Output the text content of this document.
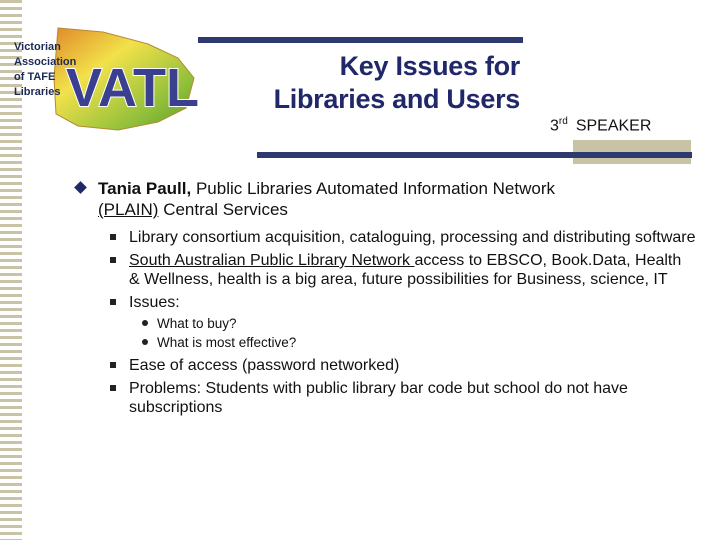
VATL
Victorian
Association
of TAFE
Libraries
Key Issues for
Libraries and Users

3rd SPEAKER

Tania Paull, Public Libraries Automated Information Network
(PLAIN) Central Services

Library consortium acquisition, cataloguing, processing and distributing software
South Australian Public Library Network access to EBSCO, Book.Data, Health & Wellness, health is a big area, future possibilities for Business, science, IT
Issues:
What to buy?
What is most effective?
Ease of access (password networked)
Problems: Students with public library bar code but school do not have subscriptions
